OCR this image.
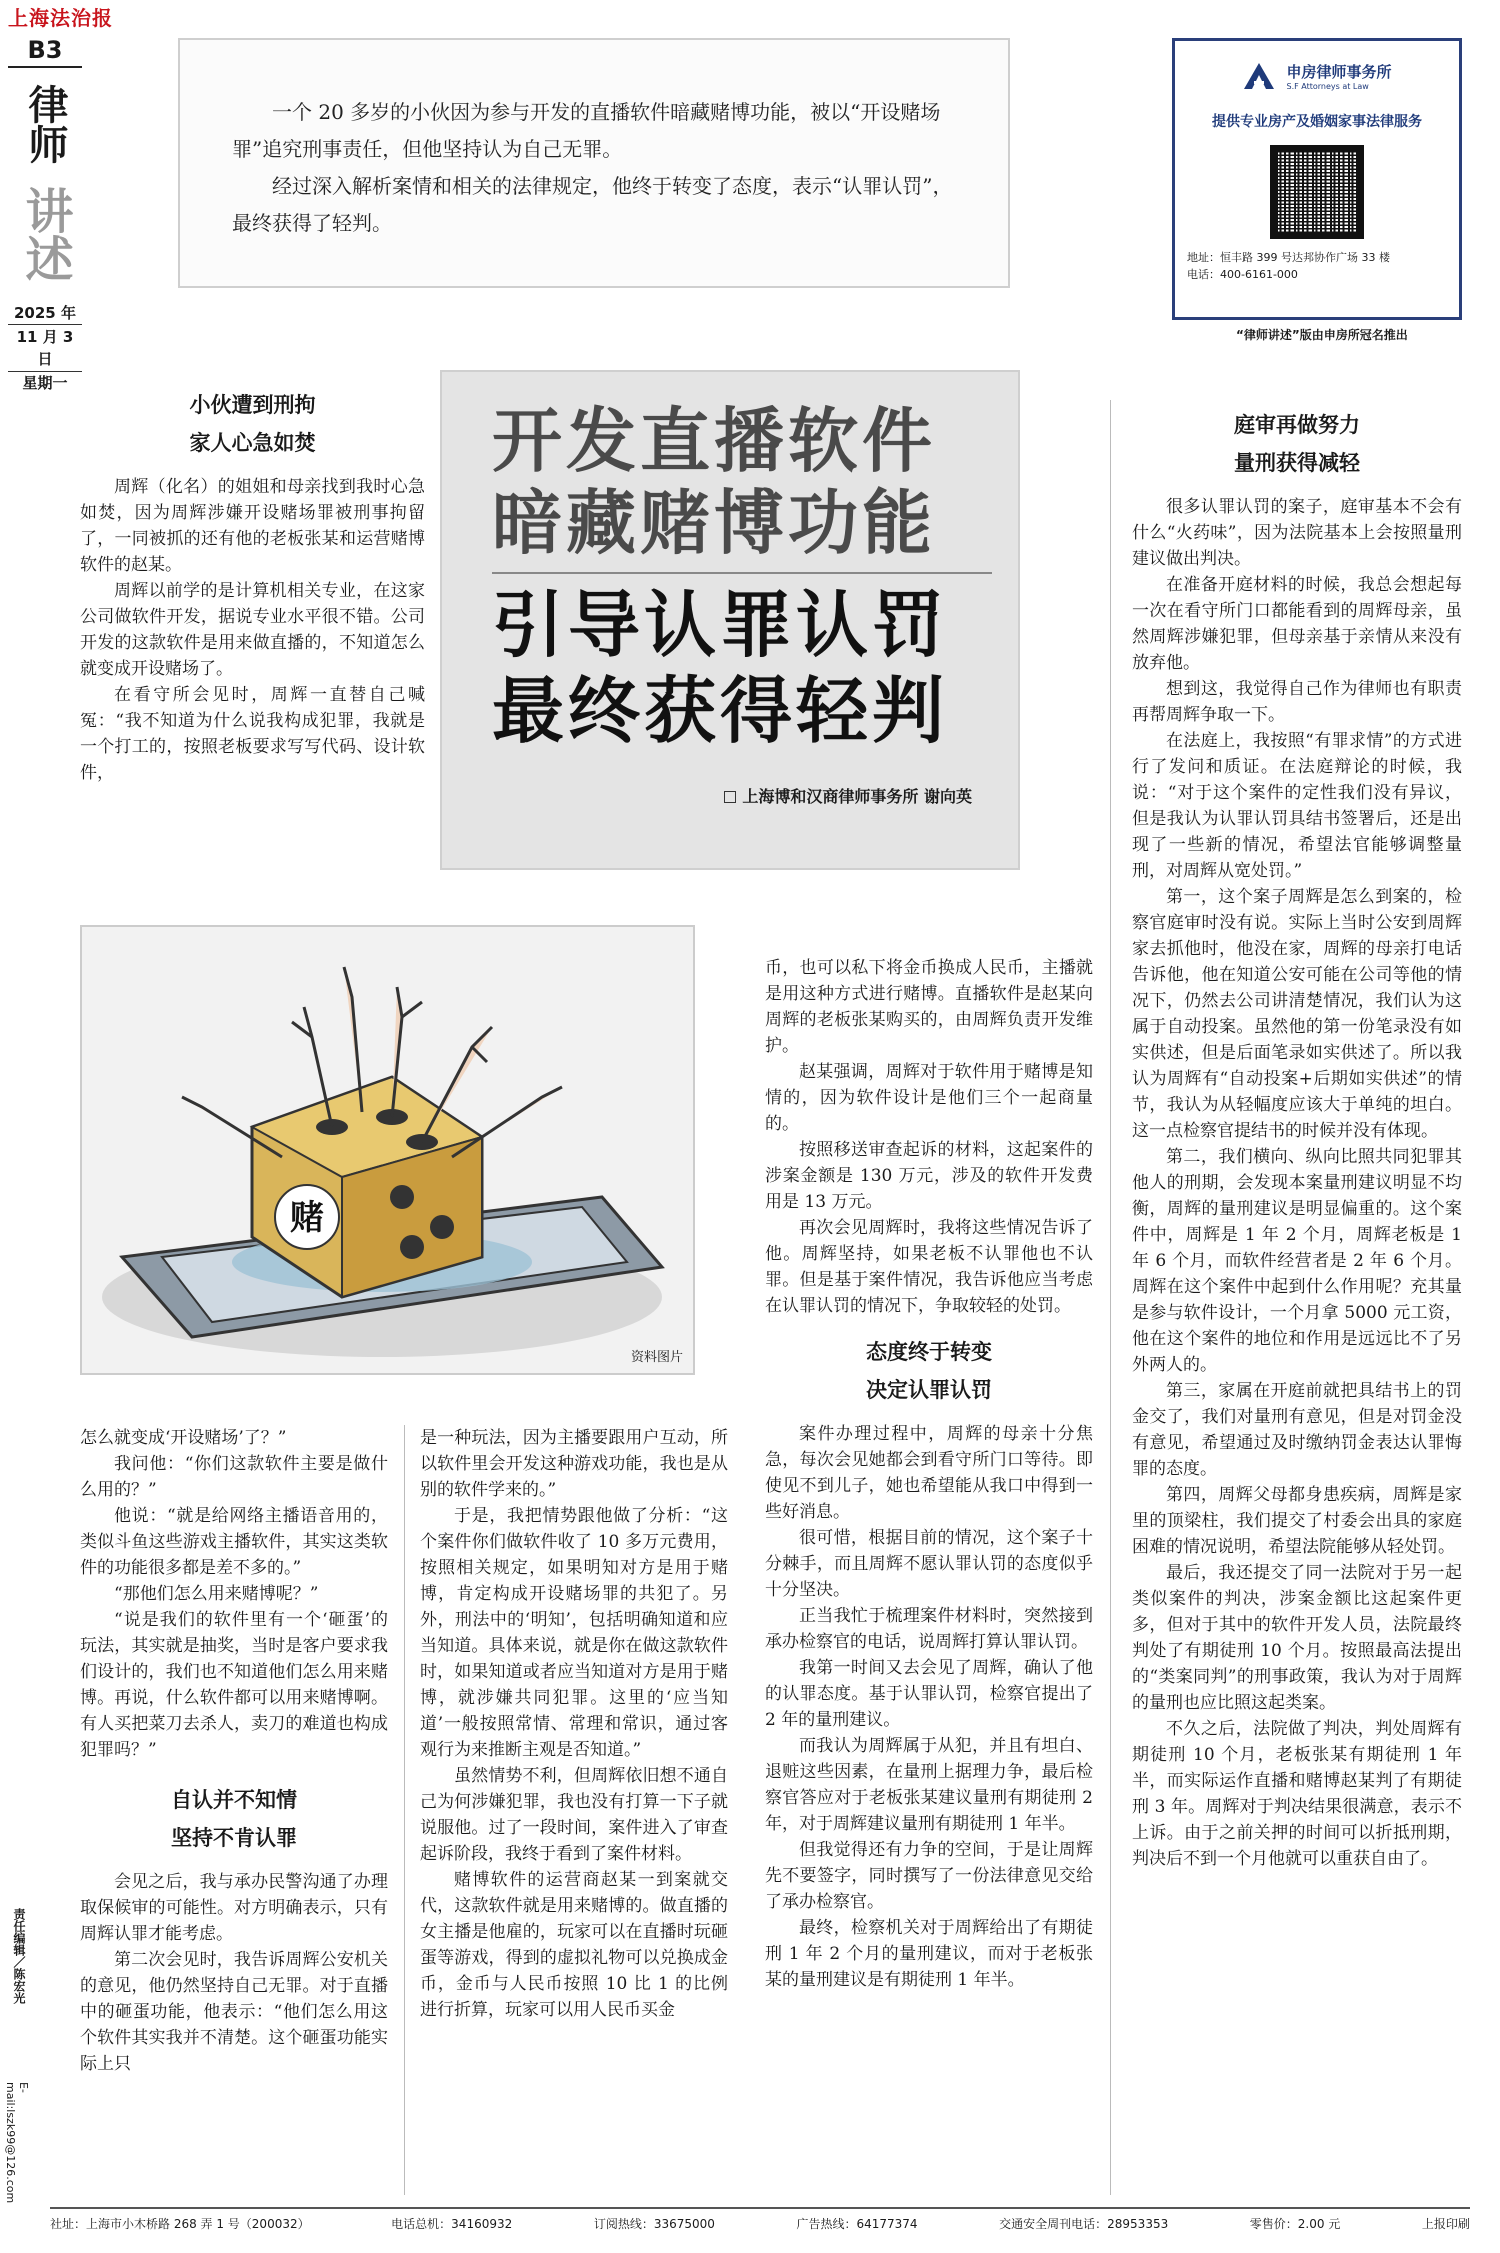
上海法治报
B3
律师
讲述
2025 年
11 月 3 日
星期一

一个 20 多岁的小伙因为参与开发的直播软件暗藏赌博功能，被以“开设赌场罪”追究刑事责任，但他坚持认为自己无罪。

经过深入解析案情和相关的法律规定，他终于转变了态度，表示“认罪认罚”，最终获得了轻判。

申房律师事务所
S.F Attorneys at Law
提供专业房产及婚姻家事法律服务
地址：恒丰路 399 号达邦协作广场 33 楼
电话：400-6161-000
“律师讲述”版由申房所冠名推出
开发直播软件
暗藏赌博功能
引导认罪认罚
最终获得轻判
上海博和汉商律师事务所 谢向英
小伙遭到刑拘
家人心急如焚

周辉（化名）的姐姐和母亲找到我时心急如焚，因为周辉涉嫌开设赌场罪被刑事拘留了，一同被抓的还有他的老板张某和运营赌博软件的赵某。

周辉以前学的是计算机相关专业，在这家公司做软件开发，据说专业水平很不错。公司开发的这款软件是用来做直播的，不知道怎么就变成开设赌场了。

在看守所会见时，周辉一直替自己喊冤：“我不知道为什么说我构成犯罪，我就是一个打工的，按照老板要求写写代码、设计软件，

赌
资料图片

怎么就变成‘开设赌场’了？”

我问他：“你们这款软件主要是做什么用的？”

他说：“就是给网络主播语音用的，类似斗鱼这些游戏主播软件，其实这类软件的功能很多都是差不多的。”

“那他们怎么用来赌博呢？”

“说是我们的软件里有一个‘砸蛋’的玩法，其实就是抽奖，当时是客户要求我们设计的，我们也不知道他们怎么用来赌博。再说，什么软件都可以用来赌博啊。有人买把菜刀去杀人，卖刀的难道也构成犯罪吗？”

自认并不知情
坚持不肯认罪

会见之后，我与承办民警沟通了办理取保候审的可能性。对方明确表示，只有周辉认罪才能考虑。

第二次会见时，我告诉周辉公安机关的意见，他仍然坚持自己无罪。对于直播中的砸蛋功能，他表示：“他们怎么用这个软件其实我并不清楚。这个砸蛋功能实际上只

是一种玩法，因为主播要跟用户互动，所以软件里会开发这种游戏功能，我也是从别的软件学来的。”

于是，我把情势跟他做了分析：“这个案件你们做软件收了 10 多万元费用，按照相关规定，如果明知对方是用于赌博，肯定构成开设赌场罪的共犯了。另外，刑法中的‘明知’，包括明确知道和应当知道。具体来说，就是你在做这款软件时，如果知道或者应当知道对方是用于赌博，就涉嫌共同犯罪。这里的‘应当知道’一般按照常情、常理和常识，通过客观行为来推断主观是否知道。”

虽然情势不利，但周辉依旧想不通自己为何涉嫌犯罪，我也没有打算一下子就说服他。过了一段时间，案件进入了审查起诉阶段，我终于看到了案件材料。

赌博软件的运营商赵某一到案就交代，这款软件就是用来赌博的。做直播的女主播是他雇的，玩家可以在直播时玩砸蛋等游戏，得到的虚拟礼物可以兑换成金币，金币与人民币按照 10 比 1 的比例进行折算，玩家可以用人民币买金

币，也可以私下将金币换成人民币，主播就是用这种方式进行赌博。直播软件是赵某向周辉的老板张某购买的，由周辉负责开发维护。

赵某强调，周辉对于软件用于赌博是知情的，因为软件设计是他们三个一起商量的。

按照移送审查起诉的材料，这起案件的涉案金额是 130 万元，涉及的软件开发费用是 13 万元。

再次会见周辉时，我将这些情况告诉了他。周辉坚持，如果老板不认罪他也不认罪。但是基于案件情况，我告诉他应当考虑在认罪认罚的情况下，争取较轻的处罚。

态度终于转变
决定认罪认罚

案件办理过程中，周辉的母亲十分焦急，每次会见她都会到看守所门口等待。即使见不到儿子，她也希望能从我口中得到一些好消息。

很可惜，根据目前的情况，这个案子十分棘手，而且周辉不愿认罪认罚的态度似乎十分坚决。

正当我忙于梳理案件材料时，突然接到承办检察官的电话，说周辉打算认罪认罚。

我第一时间又去会见了周辉，确认了他的认罪态度。基于认罪认罚，检察官提出了 2 年的量刑建议。

而我认为周辉属于从犯，并且有坦白、退赃这些因素，在量刑上据理力争，最后检察官答应对于老板张某建议量刑有期徒刑 2 年，对于周辉建议量刑有期徒刑 1 年半。

但我觉得还有力争的空间，于是让周辉先不要签字，同时撰写了一份法律意见交给了承办检察官。

最终，检察机关对于周辉给出了有期徒刑 1 年 2 个月的量刑建议，而对于老板张某的量刑建议是有期徒刑 1 年半。

庭审再做努力
量刑获得减轻

很多认罪认罚的案子，庭审基本不会有什么“火药味”，因为法院基本上会按照量刑建议做出判决。

在准备开庭材料的时候，我总会想起每一次在看守所门口都能看到的周辉母亲，虽然周辉涉嫌犯罪，但母亲基于亲情从来没有放弃他。

想到这，我觉得自己作为律师也有职责再帮周辉争取一下。

在法庭上，我按照“有罪求情”的方式进行了发问和质证。在法庭辩论的时候，我说：“对于这个案件的定性我们没有异议，但是我认为认罪认罚具结书签署后，还是出现了一些新的情况，希望法官能够调整量刑，对周辉从宽处罚。”

第一，这个案子周辉是怎么到案的，检察官庭审时没有说。实际上当时公安到周辉家去抓他时，他没在家，周辉的母亲打电话告诉他，他在知道公安可能在公司等他的情况下，仍然去公司讲清楚情况，我们认为这属于自动投案。虽然他的第一份笔录没有如实供述，但是后面笔录如实供述了。所以我认为周辉有“自动投案+后期如实供述”的情节，我认为从轻幅度应该大于单纯的坦白。这一点检察官提结书的时候并没有体现。

第二，我们横向、纵向比照共同犯罪其他人的刑期，会发现本案量刑建议明显不均衡，周辉的量刑建议是明显偏重的。这个案件中，周辉是 1 年 2 个月，周辉老板是 1 年 6 个月，而软件经营者是 2 年 6 个月。周辉在这个案件中起到什么作用呢？充其量是参与软件设计，一个月拿 5000 元工资，他在这个案件的地位和作用是远远比不了另外两人的。

第三，家属在开庭前就把具结书上的罚金交了，我们对量刑有意见，但是对罚金没有意见，希望通过及时缴纳罚金表达认罪悔罪的态度。

第四，周辉父母都身患疾病，周辉是家里的顶梁柱，我们提交了村委会出具的家庭困难的情况说明，希望法院能够从轻处罚。

最后，我还提交了同一法院对于另一起类似案件的判决，涉案金额比这起案件更多，但对于其中的软件开发人员，法院最终判处了有期徒刑 10 个月。按照最高法提出的“类案同判”的刑事政策，我认为对于周辉的量刑也应比照这起类案。

不久之后，法院做了判决，判处周辉有期徒刑 10 个月，老板张某有期徒刑 1 年半，而实际运作直播和赌博赵某判了有期徒刑 3 年。周辉对于判决结果很满意，表示不上诉。由于之前关押的时间可以折抵刑期，判决后不到一个月他就可以重获自由了。

责任编辑／陈宏光
E-mail:lszk99@126.com
社址：上海市小木桥路 268 弄 1 号（200032）	电话总机：34160932	订阅热线：33675000	广告热线：64177374	交通安全周刊电话：28953353	零售价：2.00 元	上报印刷
